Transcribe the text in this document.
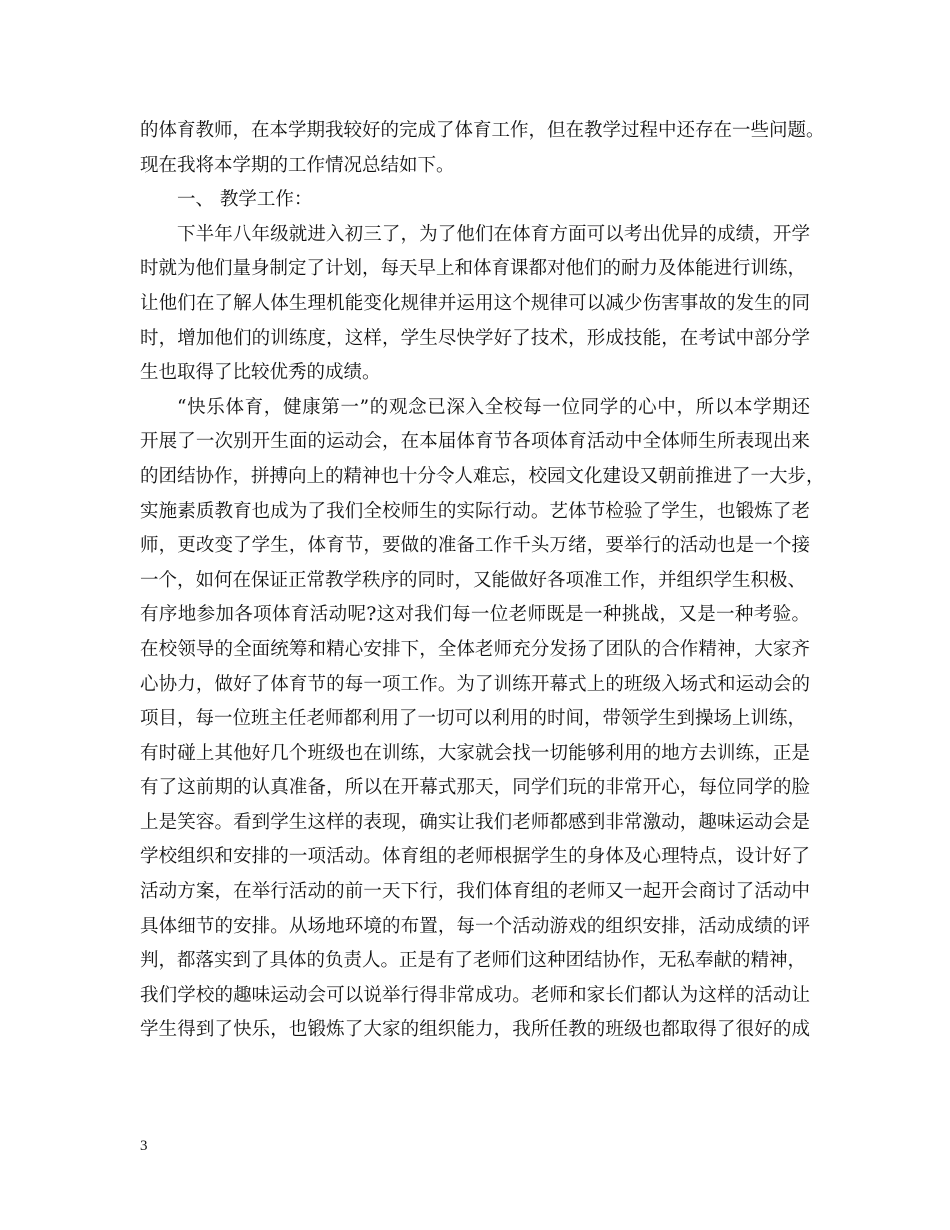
的体育教师，在本学期我较好的完成了体育工作，但在教学过程中还存在一些问题。
现在我将本学期的工作情况总结如下。
一、 教学工作：
下半年八年级就进入初三了，为了他们在体育方面可以考出优异的成绩，开学
时就为他们量身制定了计划，每天早上和体育课都对他们的耐力及体能进行训练，
让他们在了解人体生理机能变化规律并运用这个规律可以减少伤害事故的发生的同
时，增加他们的训练度，这样，学生尽快学好了技术，形成技能，在考试中部分学
生也取得了比较优秀的成绩。
“快乐体育，健康第一”的观念已深入全校每一位同学的心中，所以本学期还
开展了一次别开生面的运动会，在本届体育节各项体育活动中全体师生所表现出来
的团结协作，拼搏向上的精神也十分令人难忘，校园文化建设又朝前推进了一大步，
实施素质教育也成为了我们全校师生的实际行动。艺体节检验了学生，也锻炼了老
师，更改变了学生，体育节，要做的准备工作千头万绪，要举行的活动也是一个接
一个，如何在保证正常教学秩序的同时，又能做好各项准工作，并组织学生积极、
有序地参加各项体育活动呢?这对我们每一位老师既是一种挑战，又是一种考验。
在校领导的全面统筹和精心安排下，全体老师充分发扬了团队的合作精神，大家齐
心协力，做好了体育节的每一项工作。为了训练开幕式上的班级入场式和运动会的
项目，每一位班主任老师都利用了一切可以利用的时间，带领学生到操场上训练，
有时碰上其他好几个班级也在训练，大家就会找一切能够利用的地方去训练，正是
有了这前期的认真准备，所以在开幕式那天，同学们玩的非常开心，每位同学的脸
上是笑容。看到学生这样的表现，确实让我们老师都感到非常激动，趣味运动会是
学校组织和安排的一项活动。体育组的老师根据学生的身体及心理特点，设计好了
活动方案，在举行活动的前一天下行，我们体育组的老师又一起开会商讨了活动中
具体细节的安排。从场地环境的布置，每一个活动游戏的组织安排，活动成绩的评
判，都落实到了具体的负责人。正是有了老师们这种团结协作，无私奉献的精神，
我们学校的趣味运动会可以说举行得非常成功。老师和家长们都认为这样的活动让
学生得到了快乐，也锻炼了大家的组织能力，我所任教的班级也都取得了很好的成
3
